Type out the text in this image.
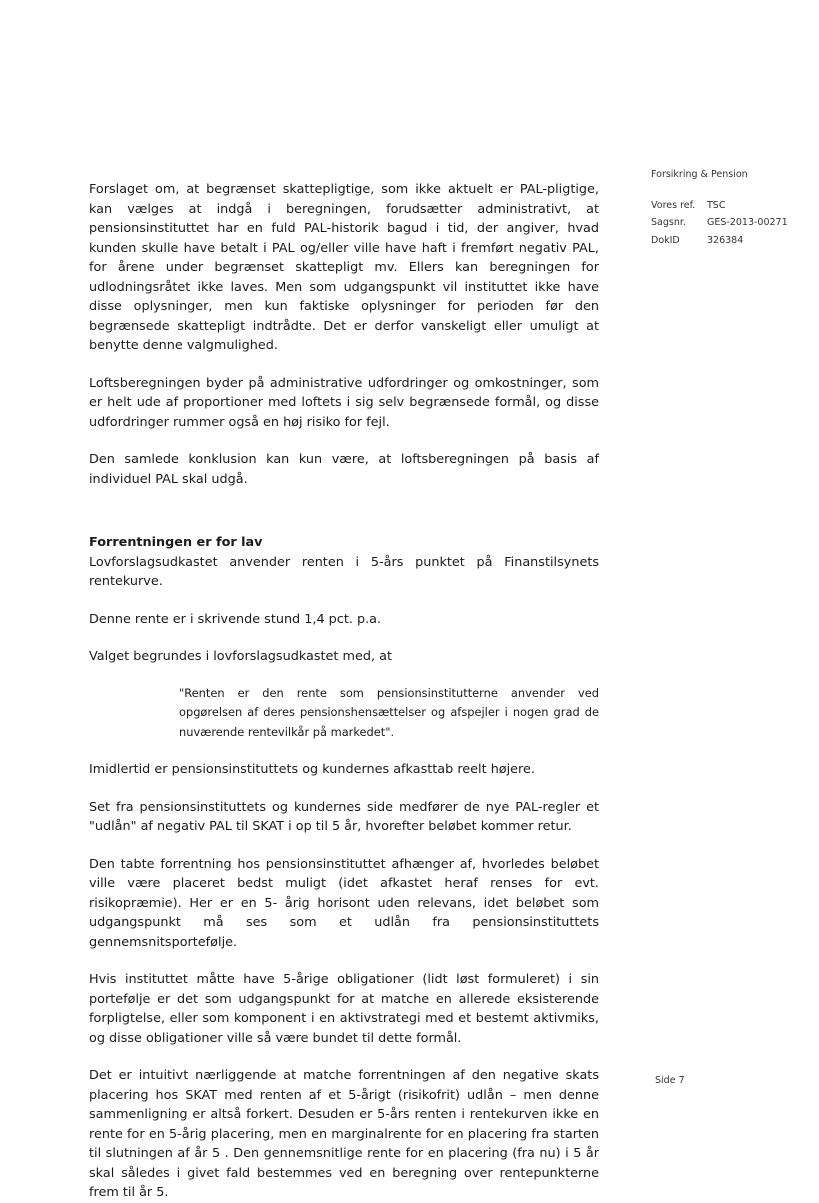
Forsikring & Pension
Vores ref.	TSC
Sagsnr.	GES-2013-00271
DokID	326384

Forslaget om, at begrænset skattepligtige, som ikke aktuelt er PAL-pligtige, kan vælges at indgå i beregningen, forudsætter administrativt, at pensionsinstituttet har en fuld PAL-historik bagud i tid, der angiver, hvad kunden skulle have betalt i PAL og/eller ville have haft i fremført negativ PAL, for årene under begrænset skattepligt mv. Ellers kan beregningen for udlodningsråtet ikke laves. Men som udgangspunkt vil instituttet ikke have disse oplysninger, men kun faktiske oplysninger for perioden før den begrænsede skattepligt indtrådte. Det er derfor vanskeligt eller umuligt at benytte denne valgmulighed.

Loftsberegningen byder på administrative udfordringer og omkostninger, som er helt ude af proportioner med loftets i sig selv begrænsede formål, og disse udfordringer rummer også en høj risiko for fejl.

Den samlede konklusion kan kun være, at loftsberegningen på basis af individuel PAL skal udgå.

Forrentningen er for lav

Lovforslagsudkastet anvender renten i 5-års punktet på Finanstilsynets rentekurve.

Denne rente er i skrivende stund 1,4 pct. p.a.

Valget begrundes i lovforslagsudkastet med, at

"Renten er den rente som pensionsinstitutterne anvender ved opgørelsen af deres pensionshensættelser og afspejler i nogen grad de nuværende rentevilkår på markedet".

Imidlertid er pensionsinstituttets og kundernes afkasttab reelt højere.

Set fra pensionsinstituttets og kundernes side medfører de nye PAL-regler et "udlån" af negativ PAL til SKAT i op til 5 år, hvorefter beløbet kommer retur.

Den tabte forrentning hos pensionsinstituttet afhænger af, hvorledes beløbet ville være placeret bedst muligt (idet afkastet heraf renses for evt. risikopræmie). Her er en 5- årig horisont uden relevans, idet beløbet som udgangspunkt må ses som et udlån fra pensionsinstituttets gennemsnitsportefølje.

Hvis instituttet måtte have 5-årige obligationer (lidt løst formuleret) i sin portefølje er det som udgangspunkt for at matche en allerede eksisterende forpligtelse, eller som komponent i en aktivstrategi med et bestemt aktivmiks, og disse obligationer ville så være bundet til dette formål.

Det er intuitivt nærliggende at matche forrentningen af den negative skats placering hos SKAT med renten af et 5-årigt (risikofrit) udlån – men denne sammenligning er altså forkert. Desuden er 5-års renten i rentekurven ikke en rente for en 5-årig placering, men en marginalrente for en placering fra starten til slutningen af år 5 . Den gennemsnitlige rente for en placering (fra nu) i 5 år skal således i givet fald bestemmes ved en beregning over rentepunkterne frem til år 5.

Side 7
